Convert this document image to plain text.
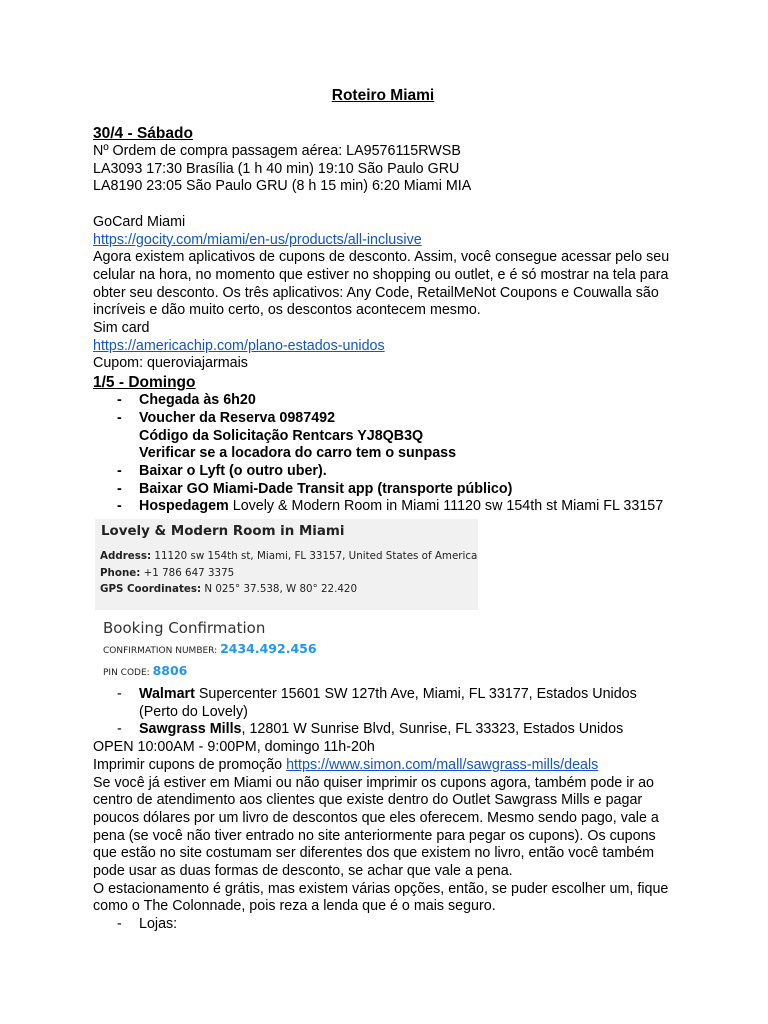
Roteiro Miami
30/4 - Sábado
Nº Ordem de compra passagem aérea: LA9576115RWSB
LA3093 17:30 Brasília (1 h 40 min) 19:10 São Paulo GRU
LA8190 23:05 São Paulo GRU (8 h 15 min) 6:20 Miami MIA
GoCard Miami
https://gocity.com/miami/en-us/products/all-inclusive
Agora existem aplicativos de cupons de desconto. Assim, você consegue acessar pelo seu celular na hora, no momento que estiver no shopping ou outlet, e é só mostrar na tela para obter seu desconto. Os três aplicativos: Any Code, RetailMeNot Coupons e Couwalla são incríveis e dão muito certo, os descontos acontecem mesmo.
Sim card
https://americachip.com/plano-estados-unidos
Cupom: queroviajarmais
1/5 - Domingo
- Chegada às 6h20
- Voucher da Reserva 0987492
Código da Solicitação Rentcars YJ8QB3Q
Verificar se a locadora do carro tem o sunpass
- Baixar o Lyft (o outro uber).
- Baixar GO Miami-Dade Transit app (transporte público)
- Hospedagem Lovely & Modern Room in Miami 11120 sw 154th st Miami FL 33157
Lovely & Modern Room in Miami
Address: 11120 sw 154th st, Miami, FL 33157, United States of America
Phone: +1 786 647 3375
GPS Coordinates: N 025° 37.538, W 80° 22.420
Booking Confirmation
CONFIRMATION NUMBER: 2434.492.456
PIN CODE: 8806
- Walmart Supercenter 15601 SW 127th Ave, Miami, FL 33177, Estados Unidos (Perto do Lovely)
- Sawgrass Mills, 12801 W Sunrise Blvd, Sunrise, FL 33323, Estados Unidos
OPEN 10:00AM - 9:00PM, domingo 11h-20h
Imprimir cupons de promoção https://www.simon.com/mall/sawgrass-mills/deals
Se você já estiver em Miami ou não quiser imprimir os cupons agora, também pode ir ao centro de atendimento aos clientes que existe dentro do Outlet Sawgrass Mills e pagar poucos dólares por um livro de descontos que eles oferecem. Mesmo sendo pago, vale a pena (se você não tiver entrado no site anteriormente para pegar os cupons). Os cupons que estão no site costumam ser diferentes dos que existem no livro, então você também pode usar as duas formas de desconto, se achar que vale a pena.
O estacionamento é grátis, mas existem várias opções, então, se puder escolher um, fique como o The Colonnade, pois reza a lenda que é o mais seguro.
- Lojas:
